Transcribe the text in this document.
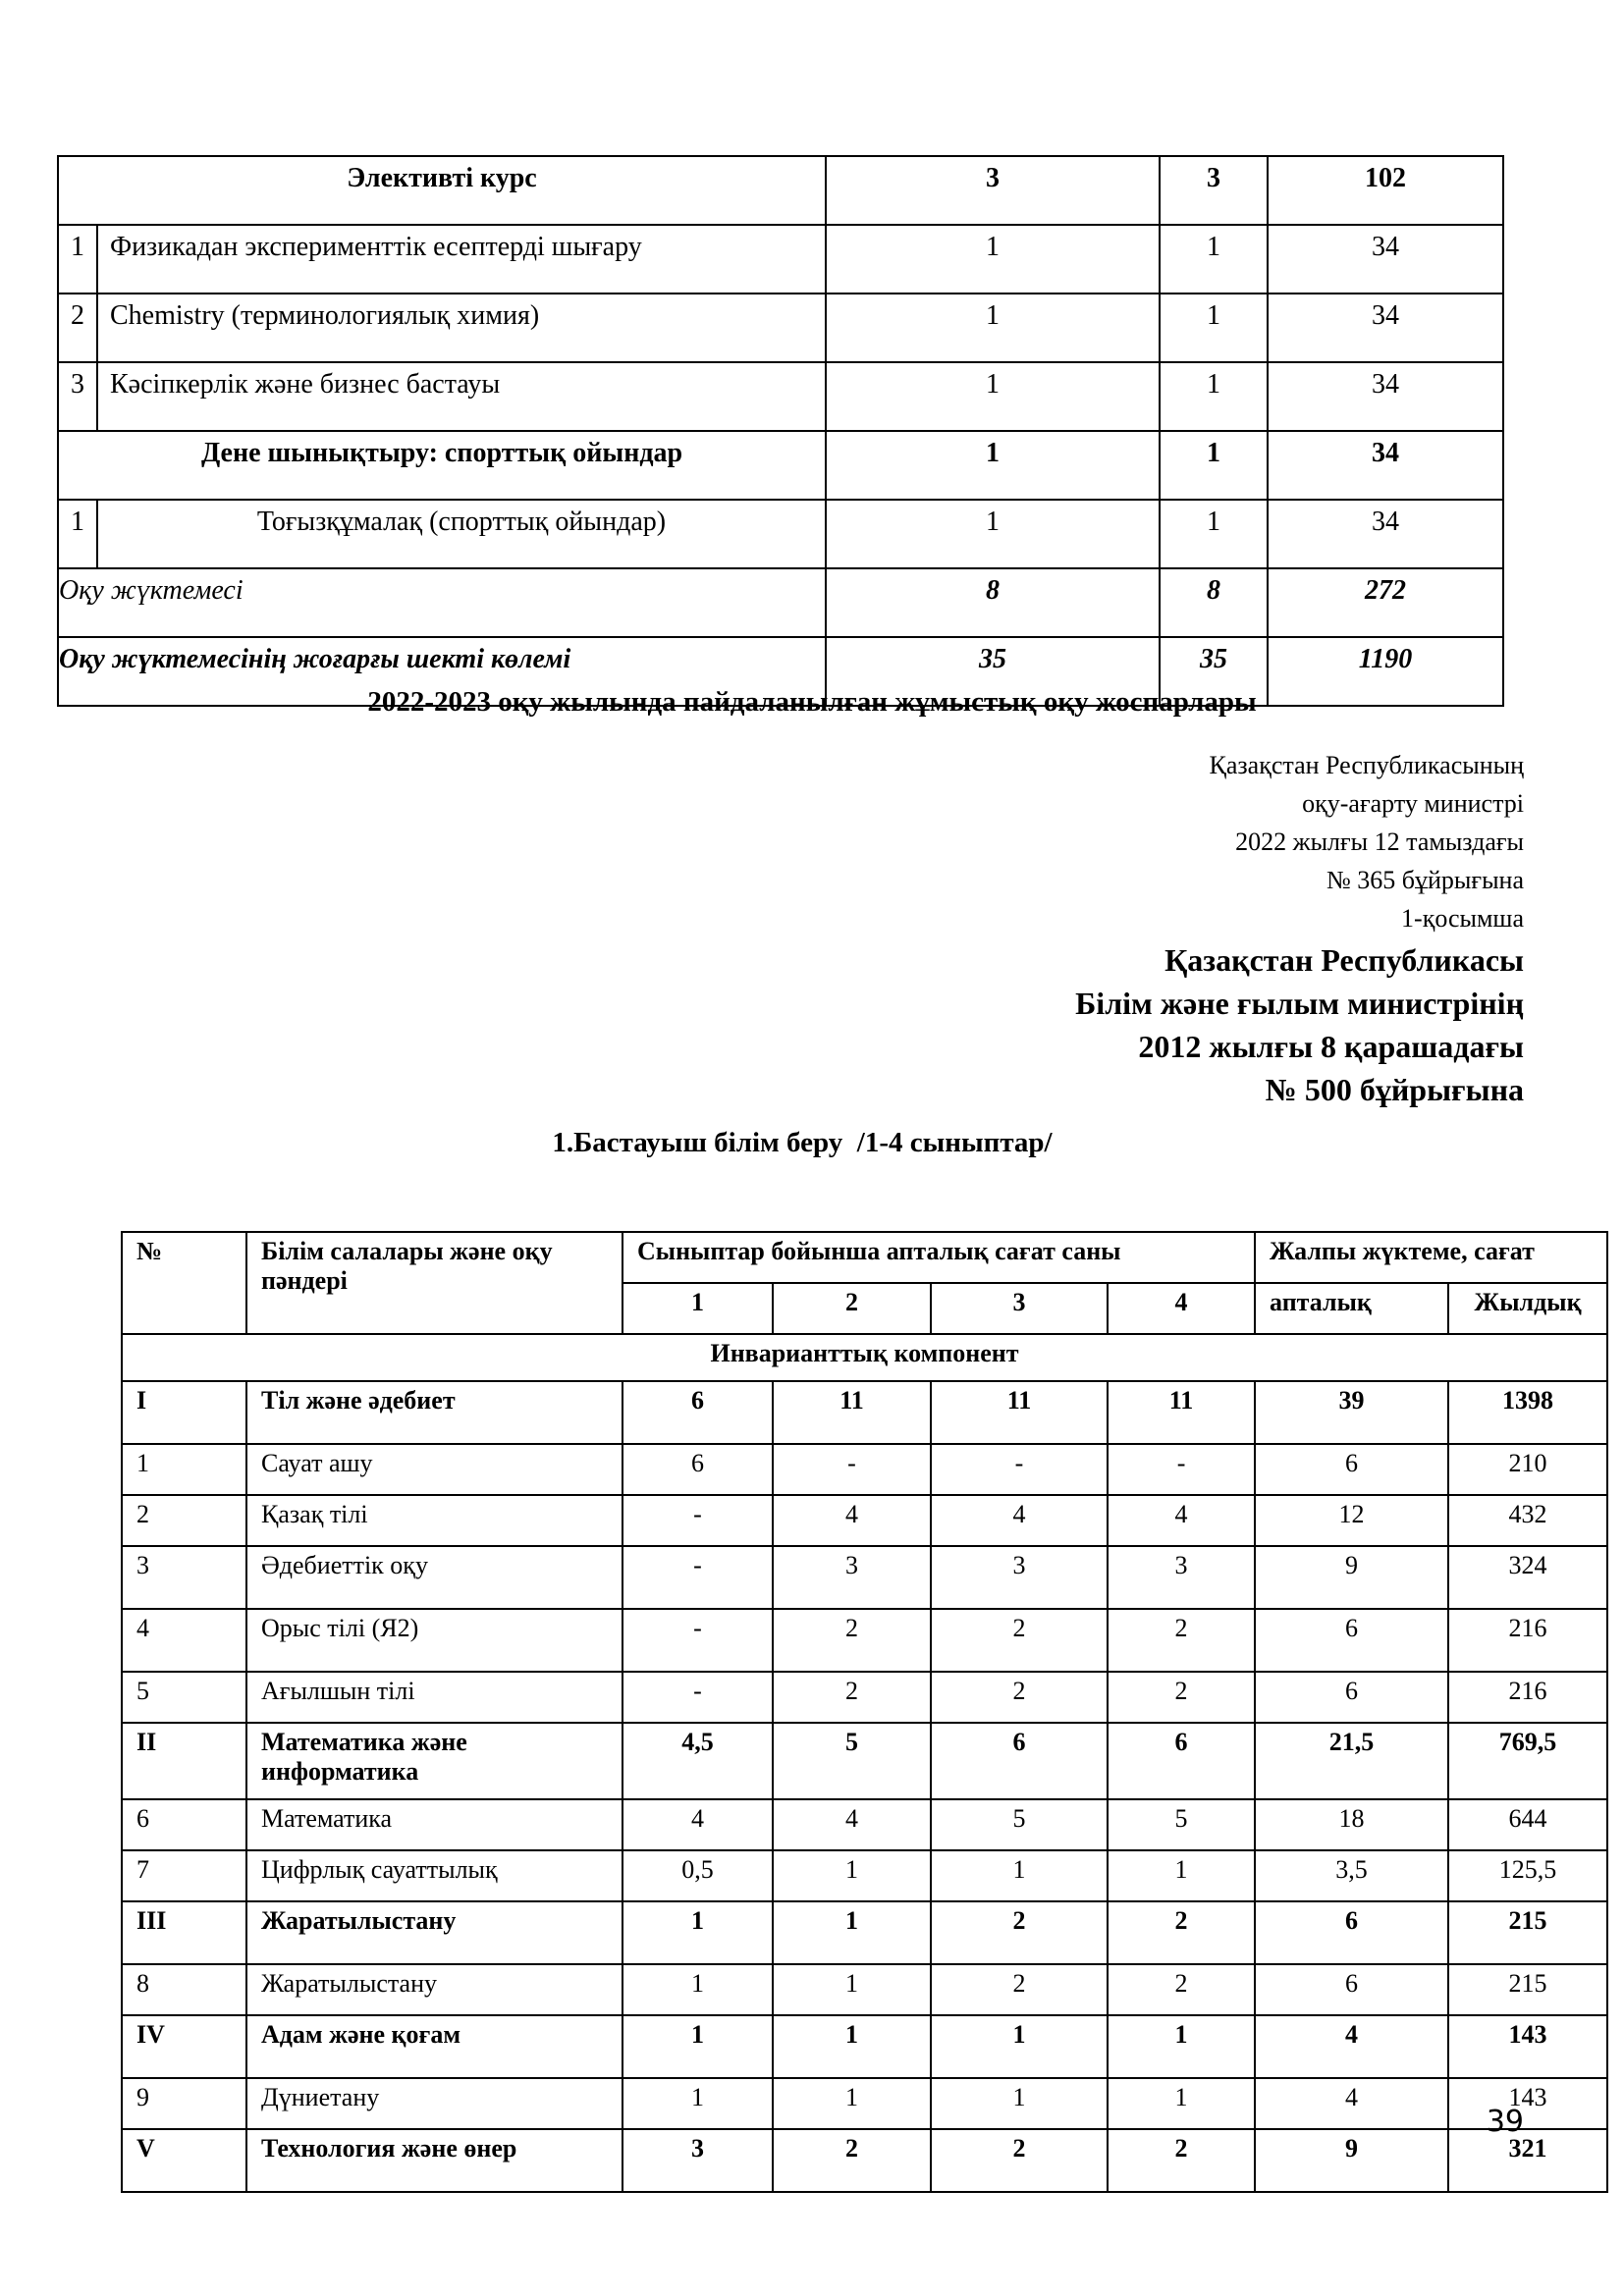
Элективті курс		3	3	102
1	Физикадан эксперименттік есептерді шығару	1	1	34
2	Chemistry (терминологиялық химия)	1	1	34
3	Кәсіпкерлік және бизнес бастауы	1	1	34
Дене шынықтыру: спорттық ойындар		1	1	34
1	Тоғызқұмалақ (спорттық ойындар)	1	1	34
Оқу жүктемесі		8	8	272
Оқу жүктемесінің жоғарғы шекті көлемі		35	35	1190
2022-2023 оқу жылында пайдаланылған жұмыстық оқу жоспарлары
Қазақстан Республикасының
оқу-ағарту министрі
2022 жылғы 12 тамыздағы
№ 365 бұйрығына
1-қосымша
Қазақстан Республикасы
Білім және ғылым министрінің
2012 жылғы 8 қарашадағы
№ 500 бұйрығына
1.Бастауыш білім беру  /1-4 сыныптар/
№	Білім салалары және оқу пәндері	Сыныптар бойынша апталық сағат саны				Жалпы жүктеме, сағат	
		1	2	3	4	апталық	Жылдық
Инварианттық компонент							
I	Тіл және әдебиет	6	11	11	11	39	1398
1	Сауат ашу	6	-	-	-	6	210
2	Қазақ тілі	-	4	4	4	12	432
3	Әдебиеттік оқу	-	3	3	3	9	324
4	Орыс тілі (Я2)	-	2	2	2	6	216
5	Ағылшын тілі	-	2	2	2	6	216
II	Математика және информатика	4,5	5	6	6	21,5	769,5
6	Математика	4	4	5	5	18	644
7	Цифрлық сауаттылық	0,5	1	1	1	3,5	125,5
III	Жаратылыстану	1	1	2	2	6	215
8	Жаратылыстану	1	1	2	2	6	215
IV	Адам және қоғам	1	1	1	1	4	143
9	Дүниетану	1	1	1	1	4	143
V	Технология және өнер	3	2	2	2	9	321
39
